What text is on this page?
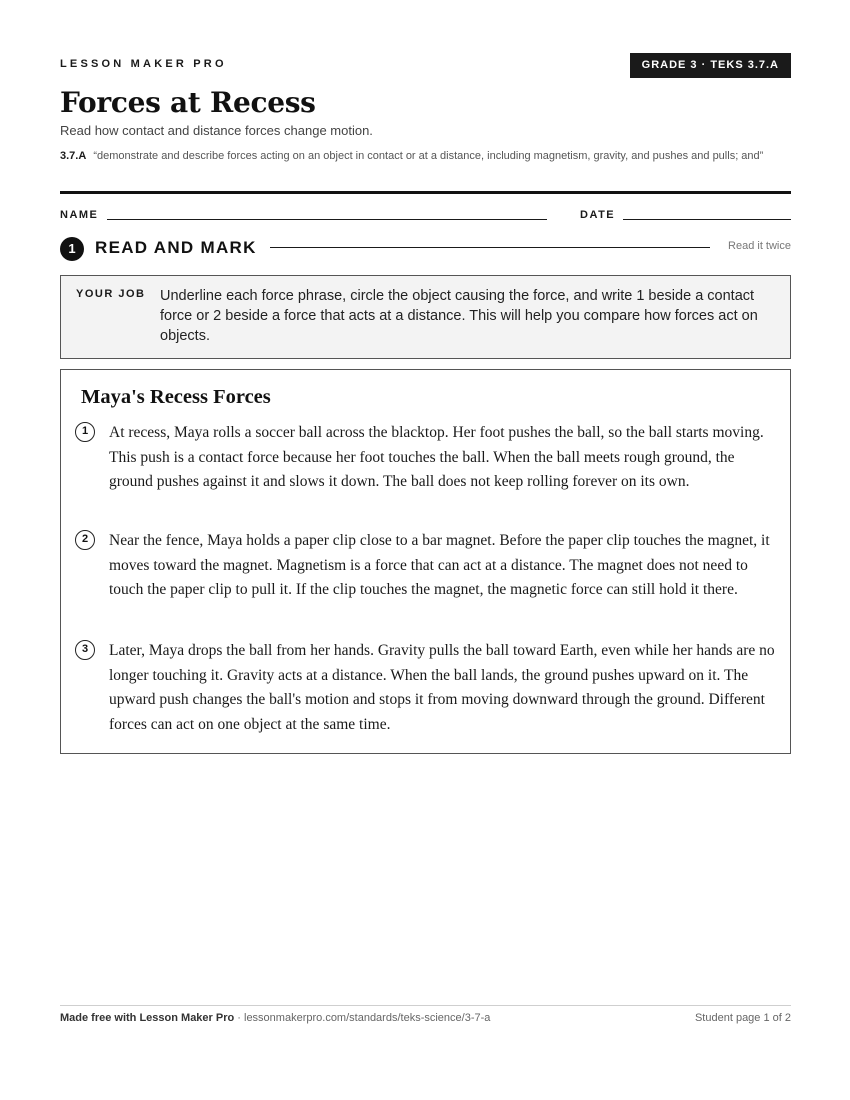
LESSON MAKER PRO	GRADE 3 · TEKS 3.7.A
Forces at Recess
Read how contact and distance forces change motion.
3.7.A “demonstrate and describe forces acting on an object in contact or at a distance, including magnetism, gravity, and pushes and pulls; and”
NAME	DATE
1	READ AND MARK	Read it twice
YOUR JOB Underline each force phrase, circle the object causing the force, and write 1 beside a contact force or 2 beside a force that acts at a distance. This will help you compare how forces act on objects.
Maya's Recess Forces
1	At recess, Maya rolls a soccer ball across the blacktop. Her foot pushes the ball, so the ball starts moving. This push is a contact force because her foot touches the ball. When the ball meets rough ground, the ground pushes against it and slows it down. The ball does not keep rolling forever on its own.
2	Near the fence, Maya holds a paper clip close to a bar magnet. Before the paper clip touches the magnet, it moves toward the magnet. Magnetism is a force that can act at a distance. The magnet does not need to touch the paper clip to pull it. If the clip touches the magnet, the magnetic force can still hold it there.
3	Later, Maya drops the ball from her hands. Gravity pulls the ball toward Earth, even while her hands are no longer touching it. Gravity acts at a distance. When the ball lands, the ground pushes upward on it. The upward push changes the ball's motion and stops it from moving downward through the ground. Different forces can act on one object at the same time.
Made free with Lesson Maker Pro · lessonmakerpro.com/standards/teks-science/3-7-a	Student page 1 of 2
